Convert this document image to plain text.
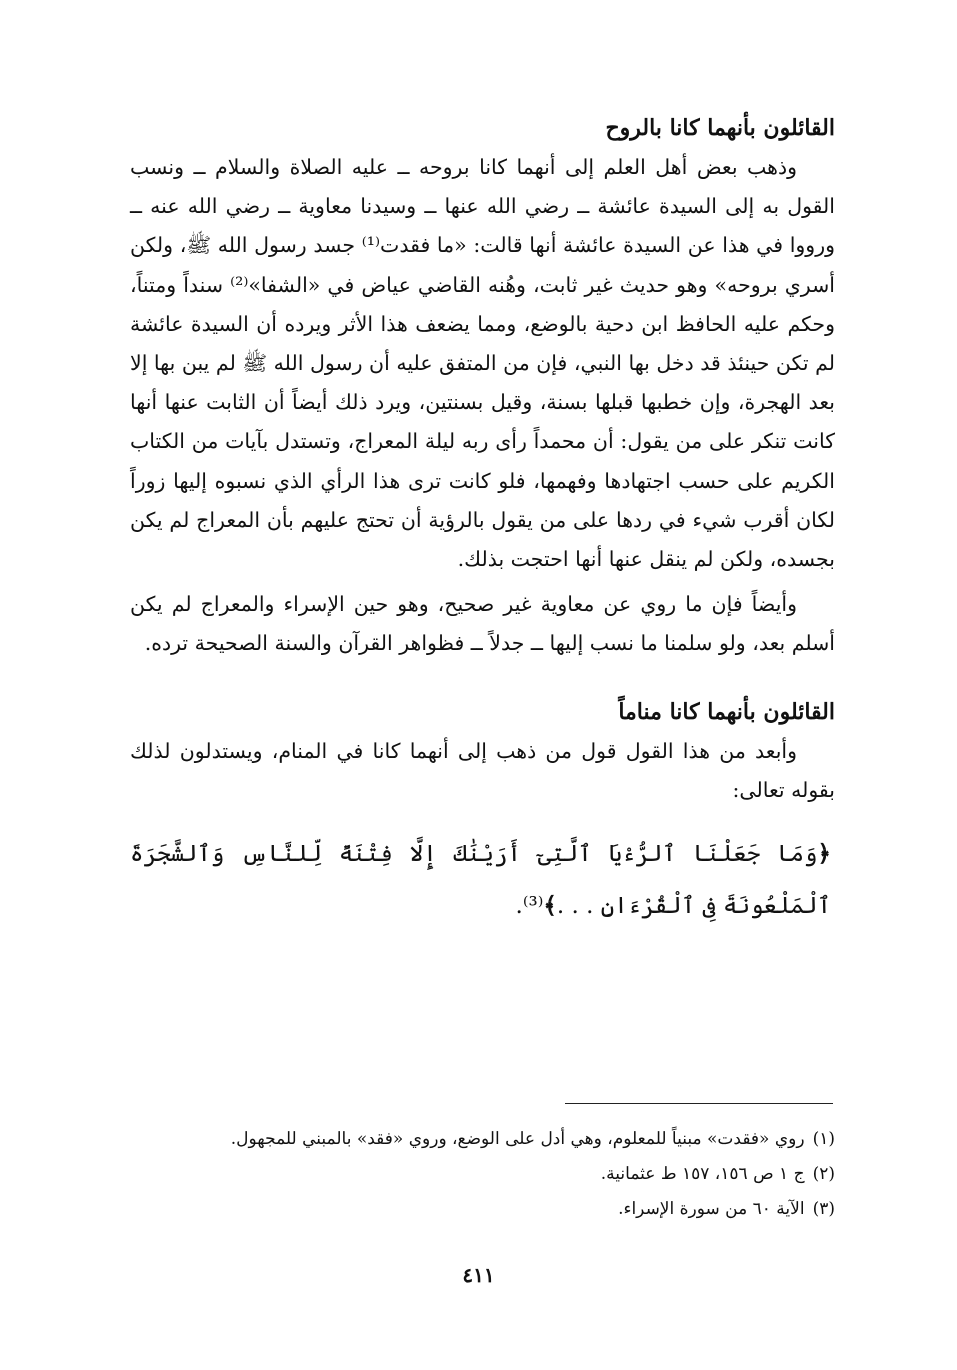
القائلون بأنهما كانا بالروح

وذهب بعض أهل العلم إلى أنهما كانا بروحه ــ عليه الصلاة والسلام ــ ونسب القول به إلى السيدة عائشة ــ رضي الله عنها ــ وسيدنا معاوية ــ رضي الله عنه ــ ورووا في هذا عن السيدة عائشة أنها قالت: «ما فقدت⁽¹⁾ جسد رسول الله ﷺ، ولكن أسري بروحه» وهو حديث غير ثابت، وهُنه القاضي عياض في «الشفا»⁽²⁾ سنداً ومتناً، وحكم عليه الحافظ ابن دحية بالوضع، ومما يضعف هذا الأثر ويرده أن السيدة عائشة لم تكن حينئذ قد دخل بها النبي، فإن من المتفق عليه أن رسول الله ﷺ لم يبن بها إلا بعد الهجرة، وإن خطبها قبلها بسنة، وقيل بسنتين، ويرد ذلك أيضاً أن الثابت عنها أنها كانت تنكر على من يقول: أن محمداً رأى ربه ليلة المعراج، وتستدل بآيات من الكتاب الكريم على حسب اجتهادها وفهمها، فلو كانت ترى هذا الرأي الذي نسبوه إليها زوراً لكان أقرب شيء في ردها على من يقول بالرؤية أن تحتج عليهم بأن المعراج لم يكن بجسده، ولكن لم ينقل عنها أنها احتجت بذلك.

وأيضاً فإن ما روي عن معاوية غير صحيح، وهو حين الإسراء والمعراج لم يكن أسلم بعد، ولو سلمنا ما نسب إليها ــ جدلاً ــ فظواهر القرآن والسنة الصحيحة ترده.

القائلون بأنهما كانا مناماً

وأبعد من هذا القول قول من ذهب إلى أنهما كانا في المنام، ويستدلون لذلك بقوله تعالى:

﴿وَمَا جَعَلْنَا ٱلرُّءْيَا ٱلَّتِىٓ أَرَيْنَٰكَ إِلَّا فِتْنَةً لِّلنَّاسِ وَٱلشَّجَرَةَ ٱلْمَلْعُونَةَ فِى ٱلْقُرْءَانِ . . .﴾⁽³⁾.

(١)روي «فقدت» مبنياً للمعلوم، وهي أدل على الوضع، وروي «فقد» بالمبني للمجهول.

(٢)ج ١ ص ١٥٦، ١٥٧ ط عثمانية.

(٣)الآية ٦٠ من سورة الإسراء.

٤١١
